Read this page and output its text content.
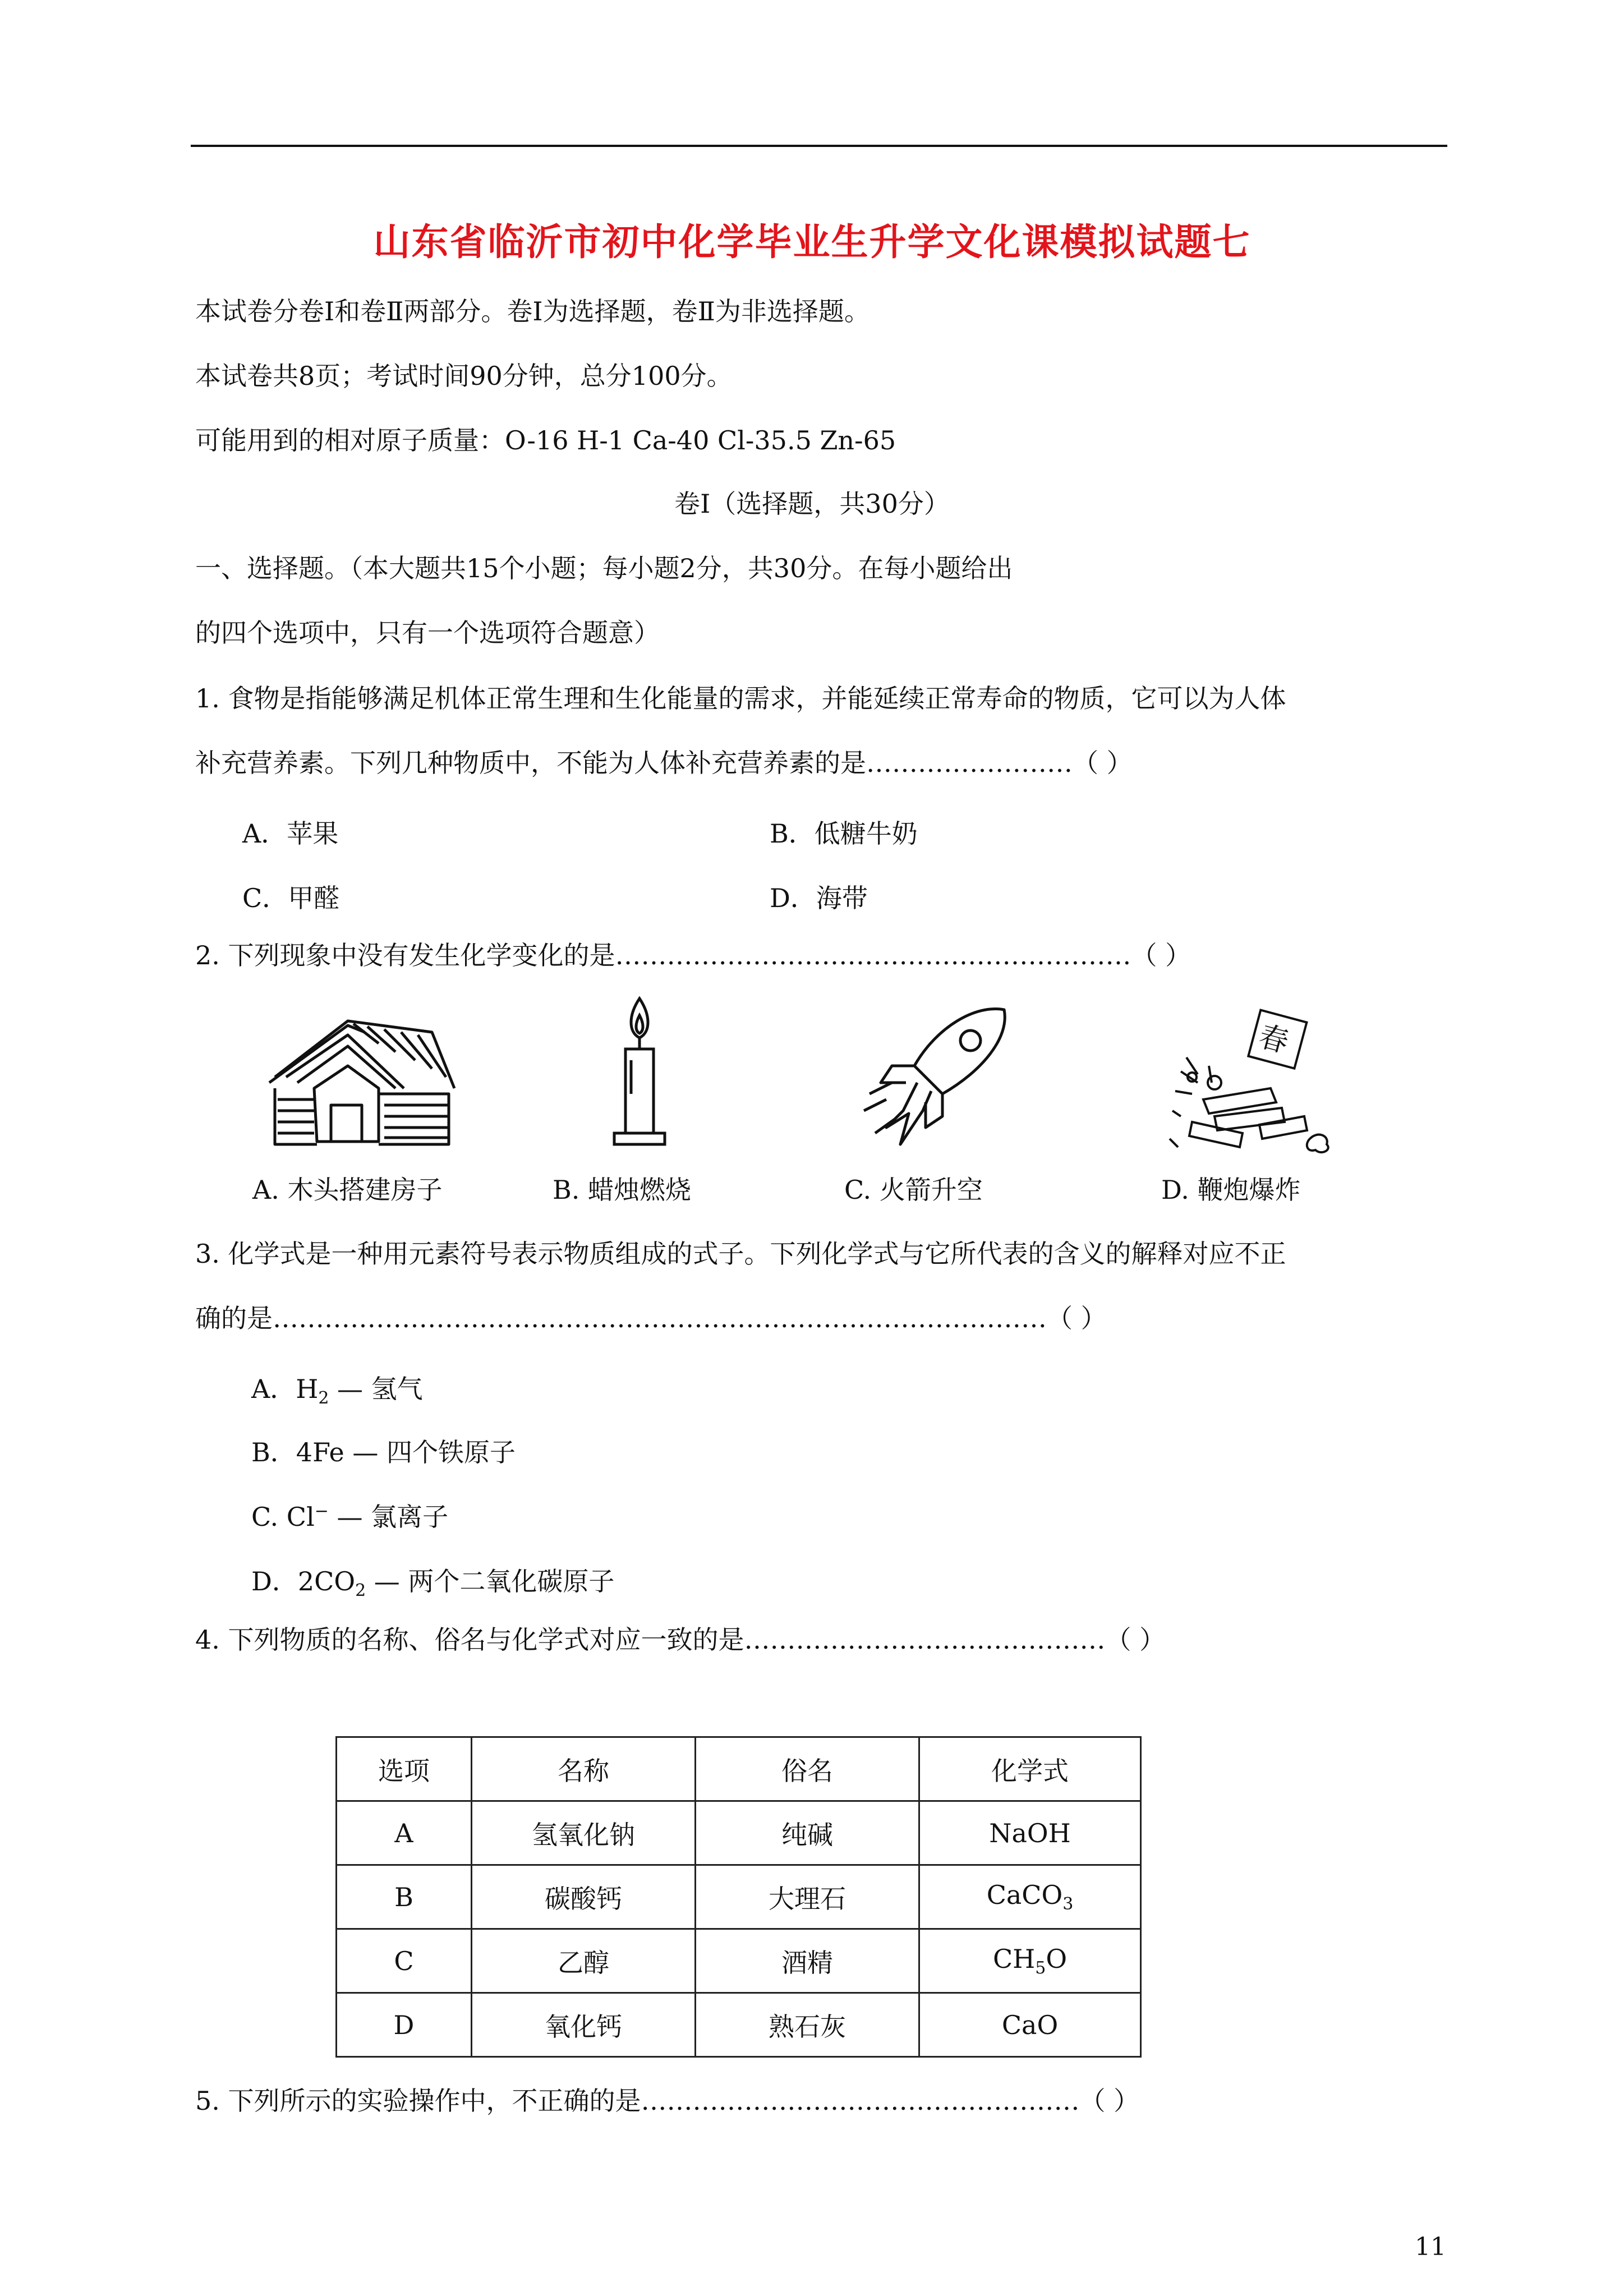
山东省临沂市初中化学毕业生升学文化课模拟试题七
本试卷分卷Ⅰ和卷Ⅱ两部分。卷Ⅰ为选择题，卷Ⅱ为非选择题。
本试卷共8页；考试时间90分钟，总分100分。
可能用到的相对原子质量：O-16 H-1 Ca-40 Cl-35.5 Zn-65
卷Ⅰ（选择题，共30分）
一、选择题。（本大题共15个小题；每小题2分，共30分。在每小题给出
的四个选项中，只有一个选项符合题意）
1. 食物是指能够满足机体正常生理和生化能量的需求，并能延续正常寿命的物质，它可以为人体
补充营养素。下列几种物质中，不能为人体补充营养素的是……………………（ ）
A．苹果	B．低糖牛奶
C．甲醛	D．海带
2. 下列现象中没有发生化学变化的是……………………………………………………（ ）
春
A. 木头搭建房子	B. 蜡烛燃烧	C. 火箭升空	D. 鞭炮爆炸
3. 化学式是一种用元素符号表示物质组成的式子。下列化学式与它所代表的含义的解释对应不正
确的是………………………………………………………………………………（ ）
A．$H_2$ — 氢气
B．4Fe — 四个铁原子
C. Cl− — 氯离子
D．$2CO_2$ — 两个二氧化碳原子
4. 下列物质的名称、俗名与化学式对应一致的是……………………………………（ ）
选项	名称	俗名	化学式
A	氢氧化钠	纯碱	NaOH
B	碳酸钙	大理石	CaCO$_3$
C	乙醇	酒精	$CH_5O$
D	氧化钙	熟石灰	CaO
5. 下列所示的实验操作中，不正确的是……………………………………………（ ）
11
